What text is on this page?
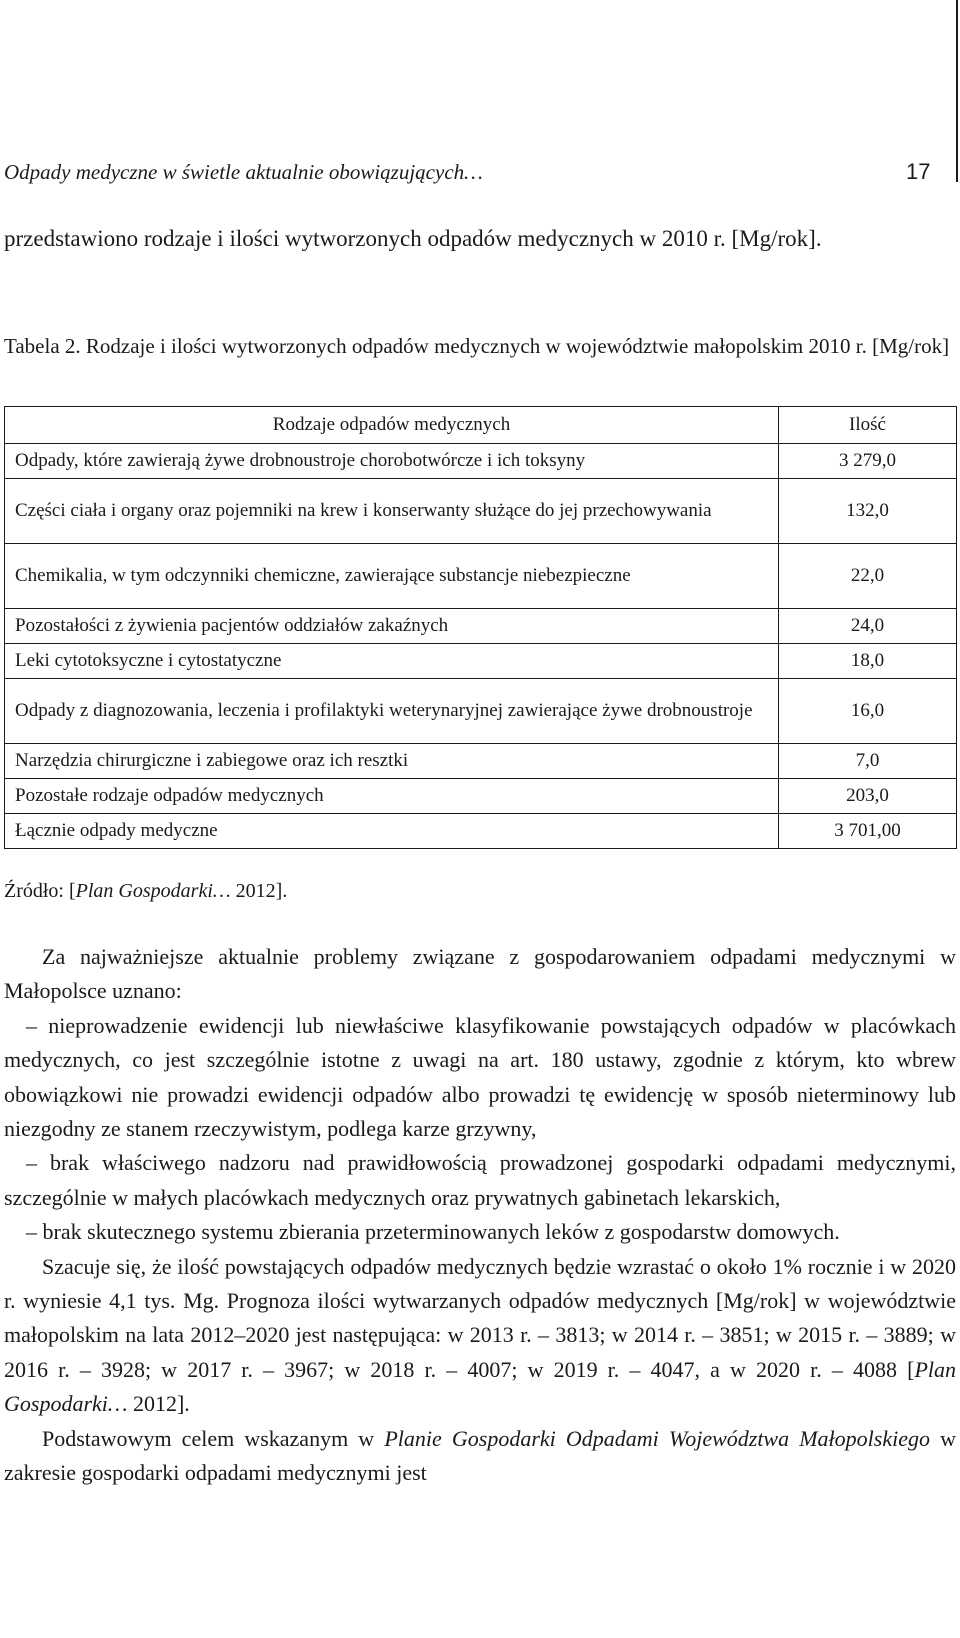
Odpady medyczne w świetle aktualnie obowiązujących…	17
przedstawiono rodzaje i ilości wytworzonych odpadów medycznych w 2010 r. [Mg/rok].
Tabela 2. Rodzaje i ilości wytworzonych odpadów medycznych w województwie małopolskim 2010 r. [Mg/rok]
Rodzaje odpadów medycznych	Ilość
Odpady, które zawierają żywe drobnoustroje chorobotwórcze i ich toksyny	3 279,0
Części ciała i organy oraz pojemniki na krew i konserwanty służące do jej przechowywania	132,0
Chemikalia, w tym odczynniki chemiczne, zawierające substancje niebezpieczne	22,0
Pozostałości z żywienia pacjentów oddziałów zakaźnych	24,0
Leki cytotoksyczne i cytostatyczne	18,0
Odpady z diagnozowania, leczenia i profilaktyki weterynaryjnej zawierające żywe drobnoustroje	16,0
Narzędzia chirurgiczne i zabiegowe oraz ich resztki	7,0
Pozostałe rodzaje odpadów medycznych	203,0
Łącznie odpady medyczne	3 701,00
Źródło: [Plan Gospodarki… 2012].

Za najważniejsze aktualnie problemy związane z gospodarowaniem odpadami medycznymi w Małopolsce uznano:

– nieprowadzenie ewidencji lub niewłaściwe klasyfikowanie powstających odpadów w placówkach medycznych, co jest szczególnie istotne z uwagi na art. 180 ustawy, zgodnie z którym, kto wbrew obowiązkowi nie prowadzi ewidencji odpadów albo prowadzi tę ewidencję w sposób nieterminowy lub niezgodny ze stanem rzeczywistym, podlega karze grzywny,

– brak właściwego nadzoru nad prawidłowością prowadzonej gospodarki odpadami medycznymi, szczególnie w małych placówkach medycznych oraz prywatnych gabinetach lekarskich,

– brak skutecznego systemu zbierania przeterminowanych leków z gospodarstw domowych.

Szacuje się, że ilość powstających odpadów medycznych będzie wzrastać o około 1% rocznie i w 2020 r. wyniesie 4,1 tys. Mg. Prognoza ilości wytwarzanych odpadów medycznych [Mg/rok] w województwie małopolskim na lata 2012–2020 jest następująca: w 2013 r. – 3813; w 2014 r. – 3851; w 2015 r. – 3889; w 2016 r. – 3928; w 2017 r. – 3967; w 2018 r. – 4007; w 2019 r. – 4047, a w 2020 r. – 4088 [Plan Gospodarki… 2012].

Podstawowym celem wskazanym w Planie Gospodarki Odpadami Województwa Małopolskiego w zakresie gospodarki odpadami medycznymi jest
